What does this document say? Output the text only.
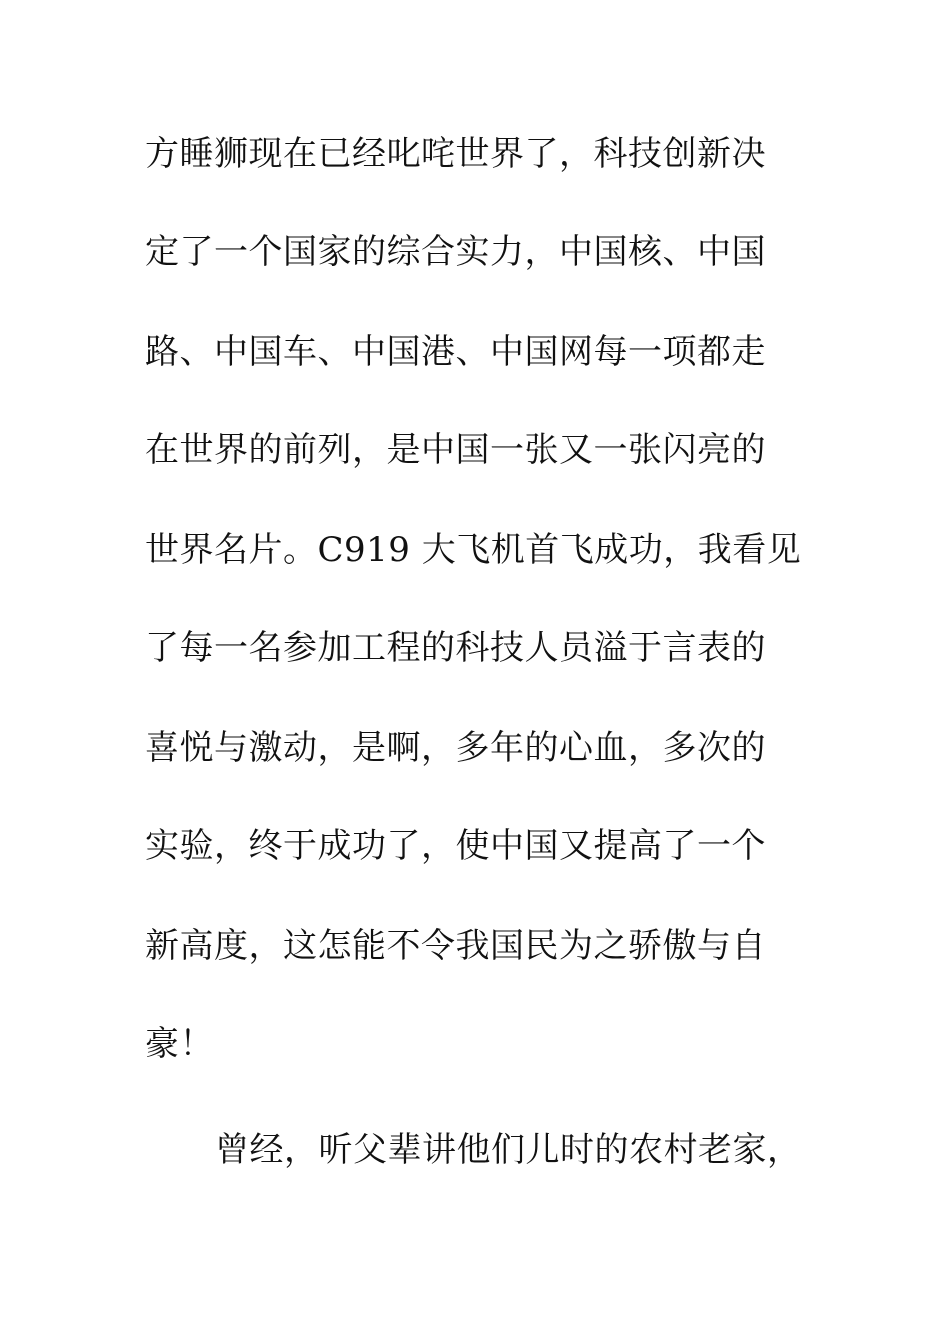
方睡狮现在已经叱咤世界了，科技创新决
定了一个国家的综合实力，中国核、中国
路、中国车、中国港、中国网每一项都走
在世界的前列，是中国一张又一张闪亮的
世界名片。C919 大飞机首飞成功，我看见
了每一名参加工程的科技人员溢于言表的
喜悦与激动，是啊，多年的心血，多次的
实验，终于成功了，使中国又提高了一个
新高度，这怎能不令我国民为之骄傲与自
豪！
曾经，听父辈讲他们儿时的农村老家，
